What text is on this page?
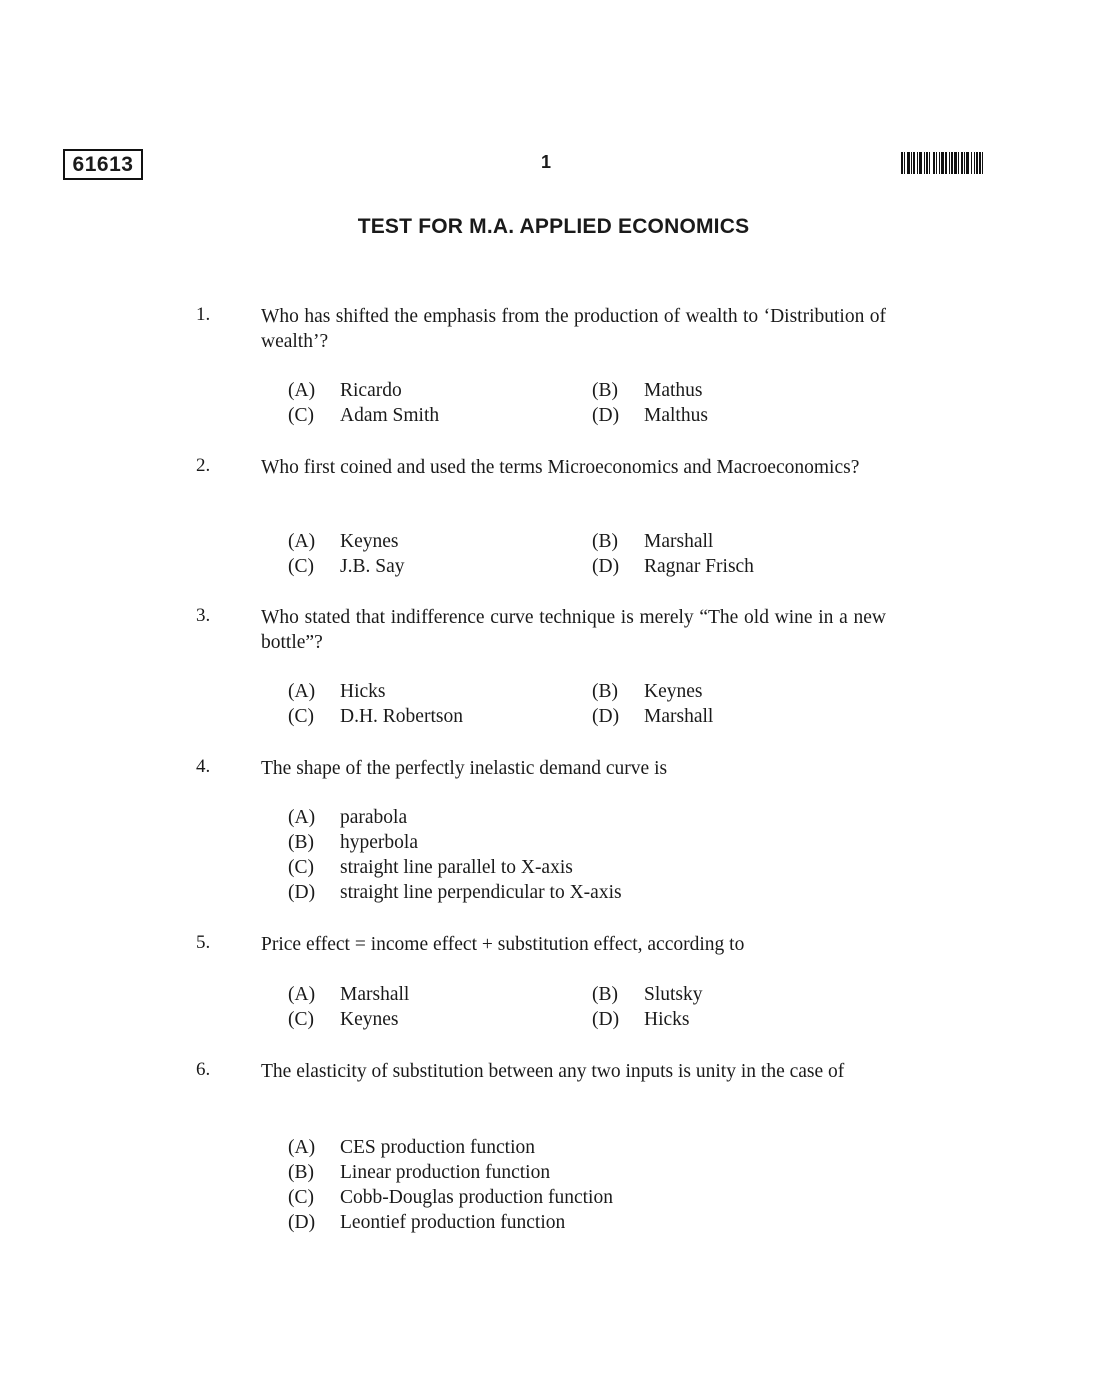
61613	1
TEST FOR M.A. APPLIED ECONOMICS
1.	Who has shifted the emphasis from the production of wealth to ‘Distribution of wealth’?
(A) Ricardo	(B) Mathus
(C) Adam Smith	(D) Malthus
2.	Who first coined and used the terms Microeconomics and Macroeconomics?
(A) Keynes	(B) Marshall
(C) J.B. Say	(D) Ragnar Frisch
3.	Who stated that indifference curve technique is merely “The old wine in a new bottle”?
(A) Hicks	(B) Keynes
(C) D.H. Robertson	(D) Marshall
4.	The shape of the perfectly inelastic demand curve is
(A) parabola
(B) hyperbola
(C) straight line parallel to X-axis
(D) straight line perpendicular to X-axis
5.	Price effect = income effect + substitution effect, according to
(A) Marshall	(B) Slutsky
(C) Keynes	(D) Hicks
6.	The elasticity of substitution between any two inputs is unity in the case of
(A) CES production function
(B) Linear production function
(C) Cobb-Douglas production function
(D) Leontief production function
